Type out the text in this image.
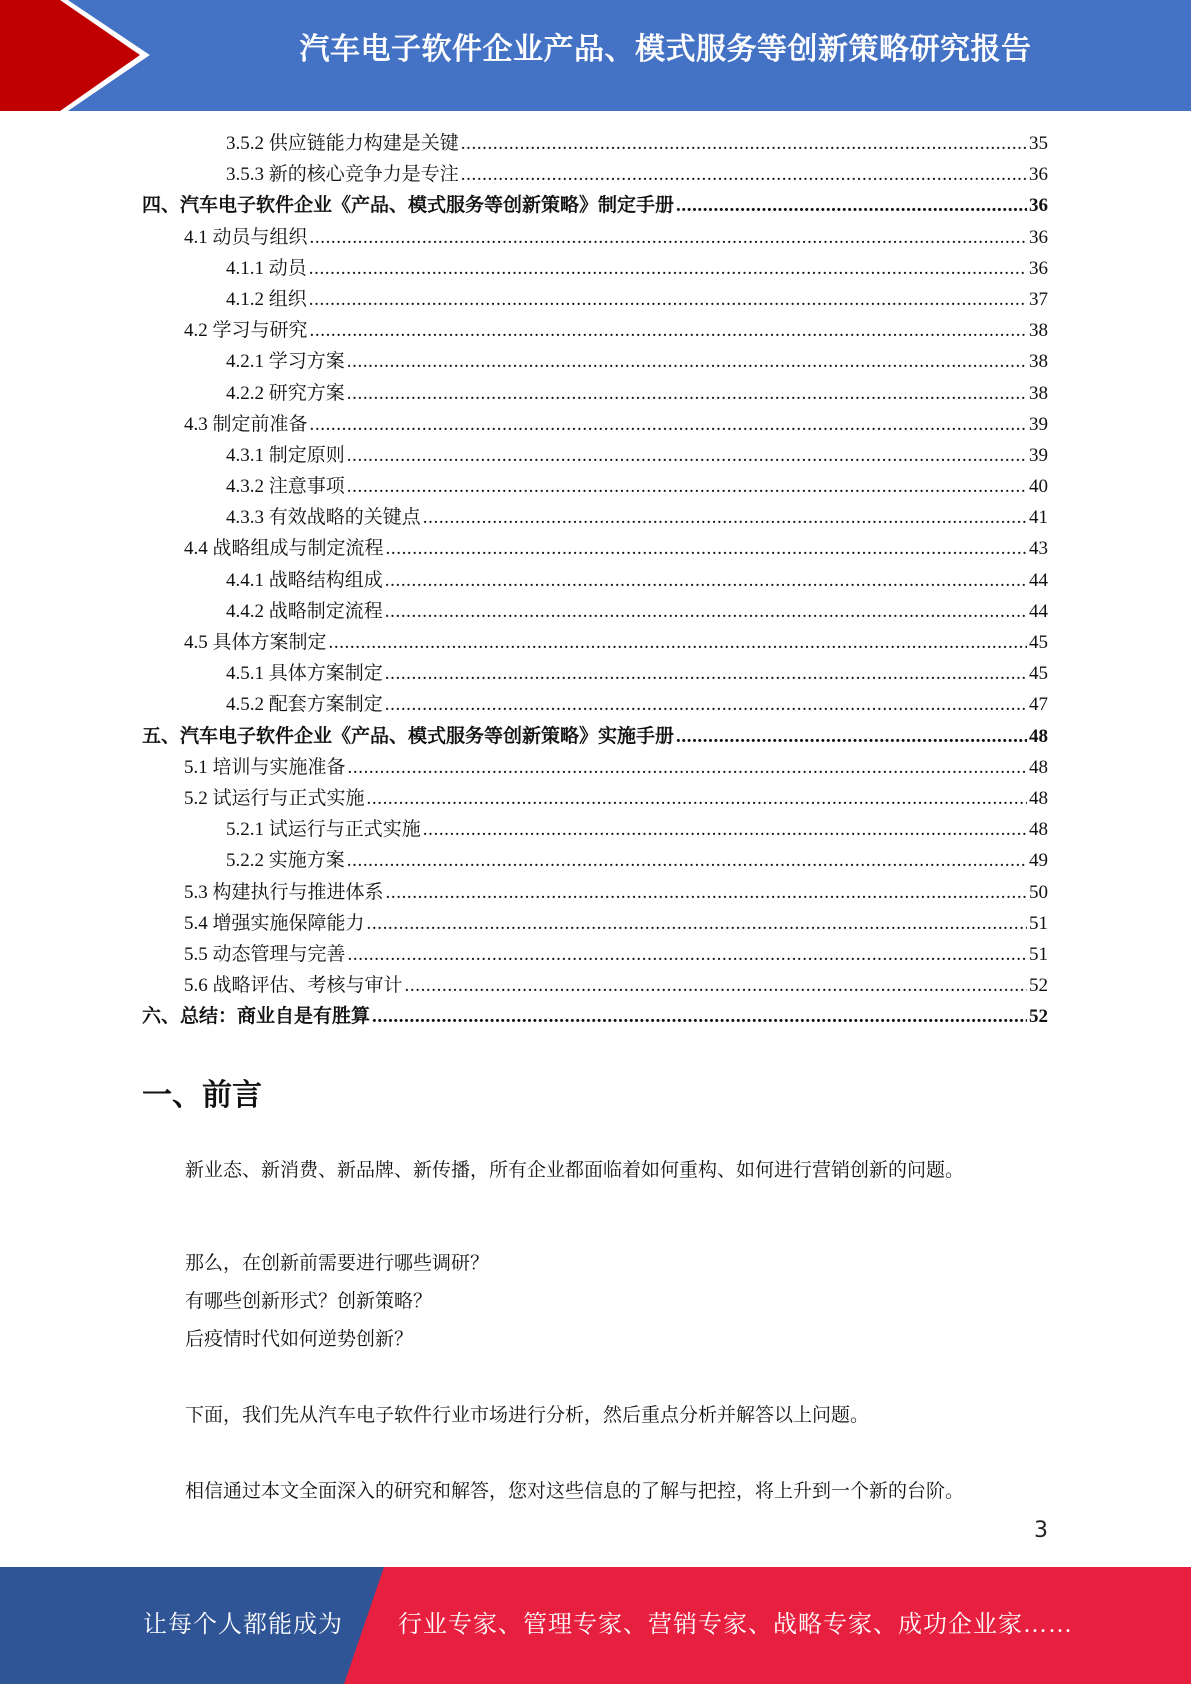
汽车电子软件企业产品、模式服务等创新策略研究报告
3.5.2 供应链能力构建是关键 .....	35
3.5.3 新的核心竞争力是专注 .....	36
四、汽车电子软件企业《产品、模式服务等创新策略》制定手册 .....	36
4.1 动员与组织 .....	36
4.1.1 动员 .....	36
4.1.2 组织 .....	37
4.2 学习与研究 .....	38
4.2.1 学习方案 .....	38
4.2.2 研究方案 .....	38
4.3 制定前准备 .....	39
4.3.1 制定原则 .....	39
4.3.2 注意事项 .....	40
4.3.3 有效战略的关键点 .....	41
4.4 战略组成与制定流程 .....	43
4.4.1 战略结构组成 .....	44
4.4.2 战略制定流程 .....	44
4.5 具体方案制定 .....	45
4.5.1 具体方案制定 .....	45
4.5.2 配套方案制定 .....	47
五、汽车电子软件企业《产品、模式服务等创新策略》实施手册 .....	48
5.1 培训与实施准备 .....	48
5.2 试运行与正式实施 .....	48
5.2.1 试运行与正式实施 .....	48
5.2.2 实施方案 .....	49
5.3 构建执行与推进体系 .....	50
5.4 增强实施保障能力 .....	51
5.5 动态管理与完善 .....	51
5.6 战略评估、考核与审计 .....	52
六、总结：商业自是有胜算 .....	52
一、前言

新业态、新消费、新品牌、新传播，所有企业都面临着如何重构、如何进行营销创新的问题。

那么，在创新前需要进行哪些调研？

有哪些创新形式？创新策略？

后疫情时代如何逆势创新？

下面，我们先从汽车电子软件行业市场进行分析，然后重点分析并解答以上问题。

相信通过本文全面深入的研究和解答，您对这些信息的了解与把控，将上升到一个新的台阶。

3
让每个人都能成为 行业专家、管理专家、营销专家、战略专家、成功企业家……
